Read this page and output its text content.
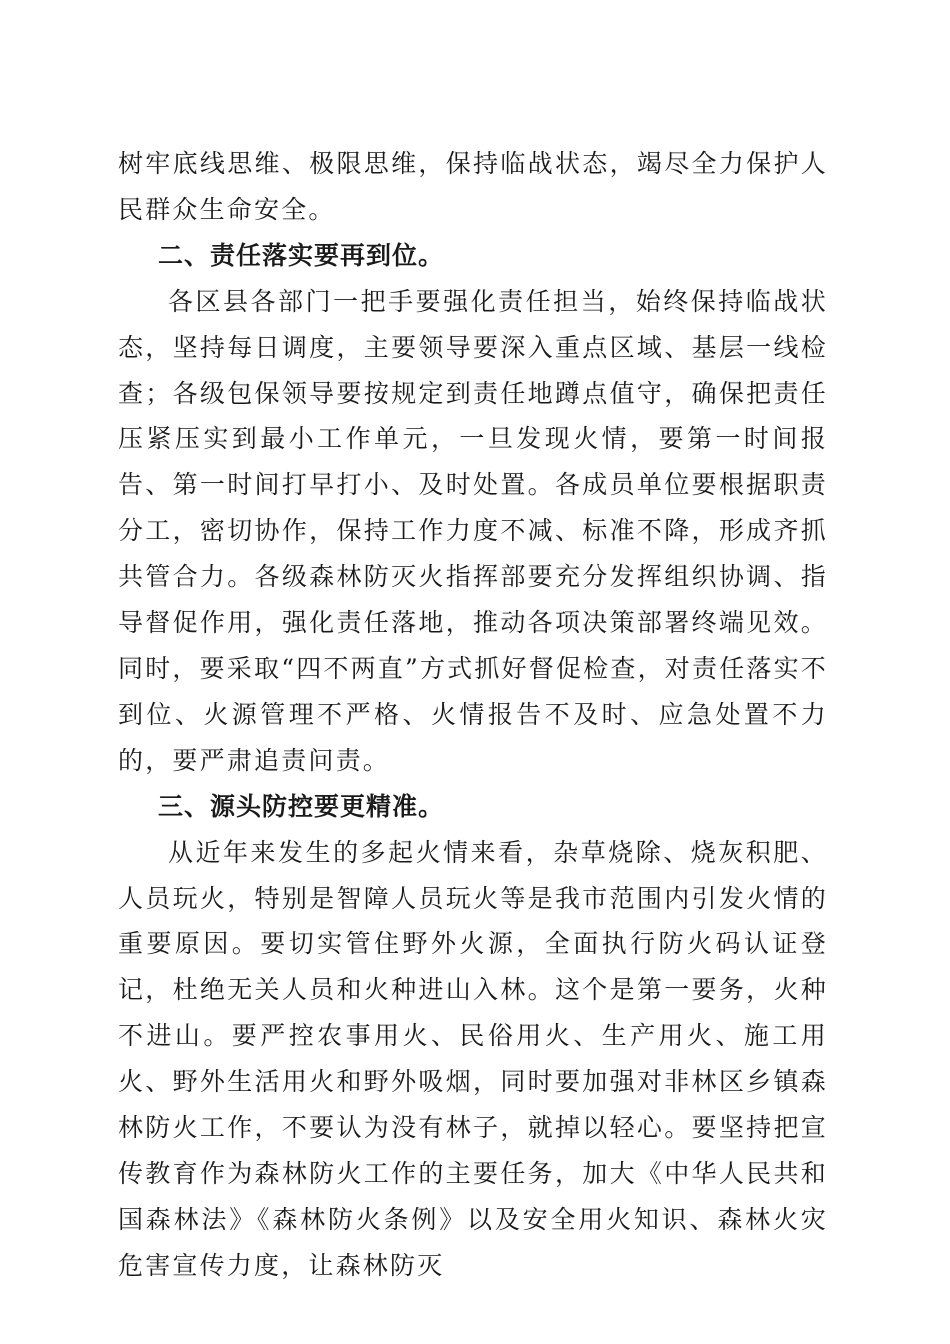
树牢底线思维、极限思维，保持临战状态，竭尽全力保护人民群众生命安全。

二、责任落实要再到位。

各区县各部门一把手要强化责任担当，始终保持临战状态，坚持每日调度，主要领导要深入重点区域、基层一线检查；各级包保领导要按规定到责任地蹲点值守，确保把责任压紧压实到最小工作单元，一旦发现火情，要第一时间报告、第一时间打早打小、及时处置。各成员单位要根据职责分工，密切协作，保持工作力度不减、标准不降，形成齐抓共管合力。各级森林防灭火指挥部要充分发挥组织协调、指导督促作用，强化责任落地，推动各项决策部署终端见效。同时，要采取“四不两直”方式抓好督促检查，对责任落实不到位、火源管理不严格、火情报告不及时、应急处置不力的，要严肃追责问责。

三、源头防控要更精准。

从近年来发生的多起火情来看，杂草烧除、烧灰积肥、人员玩火，特别是智障人员玩火等是我市范围内引发火情的重要原因。要切实管住野外火源，全面执行防火码认证登记，杜绝无关人员和火种进山入林。这个是第一要务，火种不进山。要严控农事用火、民俗用火、生产用火、施工用火、野外生活用火和野外吸烟，同时要加强对非林区乡镇森林防火工作，不要认为没有林子，就掉以轻心。要坚持把宣传教育作为森林防火工作的主要任务，加大《中华人民共和国森林法》《森林防火条例》以及安全用火知识、森林火灾危害宣传力度，让森林防灭
